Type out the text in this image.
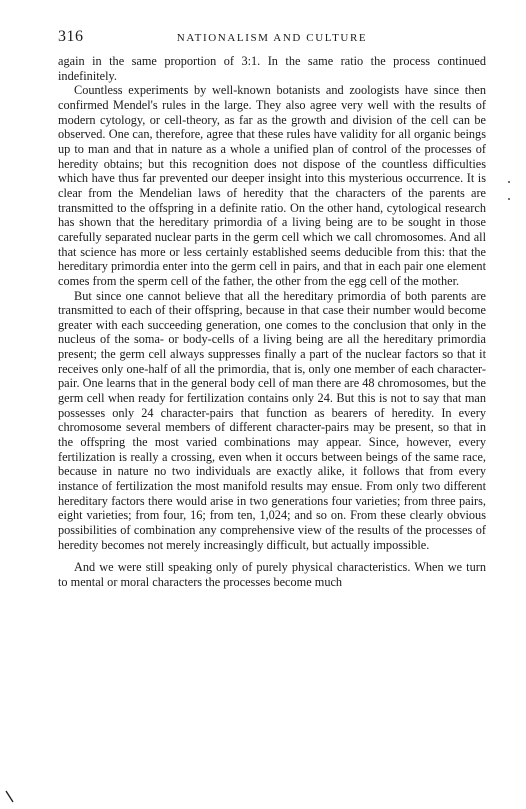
316	NATIONALISM AND CULTURE

again in the same proportion of 3:1. In the same ratio the process continued indefinitely.

Countless experiments by well-known botanists and zoologists have since then confirmed Mendel's rules in the large. They also agree very well with the results of modern cytology, or cell-theory, as far as the growth and division of the cell can be observed. One can, therefore, agree that these rules have validity for all organic beings up to man and that in nature as a whole a unified plan of control of the processes of heredity obtains; but this recognition does not dispose of the countless difficulties which have thus far prevented our deeper insight into this mysterious occurrence. It is clear from the Mendelian laws of heredity that the characters of the parents are transmitted to the offspring in a definite ratio. On the other hand, cytological research has shown that the hereditary primordia of a living being are to be sought in those carefully separated nuclear parts in the germ cell which we call chromosomes. And all that science has more or less certainly established seems deducible from this: that the hereditary primordia enter into the germ cell in pairs, and that in each pair one element comes from the sperm cell of the father, the other from the egg cell of the mother.

But since one cannot believe that all the hereditary primordia of both parents are transmitted to each of their offspring, because in that case their number would become greater with each succeeding generation, one comes to the conclusion that only in the nucleus of the soma- or body-cells of a living being are all the hereditary primordia present; the germ cell always suppresses finally a part of the nuclear factors so that it receives only one-half of all the primordia, that is, only one member of each character-pair. One learns that in the general body cell of man there are 48 chromosomes, but the germ cell when ready for fertilization contains only 24. But this is not to say that man possesses only 24 character-pairs that function as bearers of heredity. In every chromosome several members of different character-pairs may be present, so that in the offspring the most varied combinations may appear. Since, however, every fertilization is really a crossing, even when it occurs between beings of the same race, because in nature no two individuals are exactly alike, it follows that from every instance of fertilization the most manifold results may ensue. From only two different hereditary factors there would arise in two generations four varieties; from three pairs, eight varieties; from four, 16; from ten, 1,024; and so on. From these clearly obvious possibilities of combination any comprehensive view of the results of the processes of heredity becomes not merely increasingly difficult, but actually impossible.

And we were still speaking only of purely physical characteristics. When we turn to mental or moral characters the processes become much
